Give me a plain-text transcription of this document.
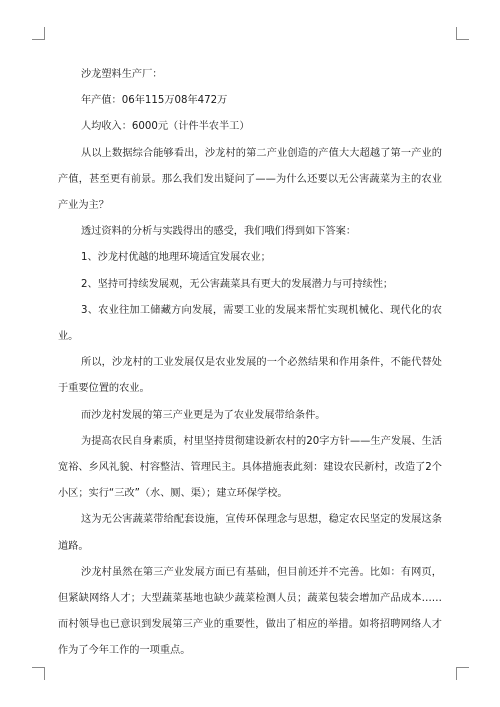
沙龙塑料生产厂：

年产值：06年115万08年472万

人均收入：6000元（计件半农半工）

从以上数据综合能够看出，沙龙村的第二产业创造的产值大大超越了第一产业的产值，甚至更有前景。那么我们发出疑问了——为什么还要以无公害蔬菜为主的农业产业为主？

透过资料的分析与实践得出的感受，我们哦们得到如下答案：

1、沙龙村优越的地理环境适宜发展农业；

2、坚持可持续发展观，无公害蔬菜具有更大的发展潜力与可持续性；

3、农业往加工储藏方向发展，需要工业的发展来帮忙实现机械化、现代化的农业。

所以，沙龙村的工业发展仅是农业发展的一个必然结果和作用条件，不能代替处于重要位置的农业。

而沙龙村发展的第三产业更是为了农业发展带给条件。

为提高农民自身素质，村里坚持贯彻建设新农村的20字方针——生产发展、生活宽裕、乡风礼貌、村容整洁、管理民主。具体措施表此刻：建设农民新村，改造了2个小区；实行“三改”（水、厕、渠）；建立环保学校。

这为无公害蔬菜带给配套设施，宣传环保理念与思想，稳定农民坚定的发展这条道路。

沙龙村虽然在第三产业发展方面已有基础，但目前还并不完善。比如：有网页，但紧缺网络人才；大型蔬菜基地也缺少蔬菜检测人员；蔬菜包装会增加产品成本……而村领导也已意识到发展第三产业的重要性，做出了相应的举措。如将招聘网络人才作为了今年工作的一项重点。
